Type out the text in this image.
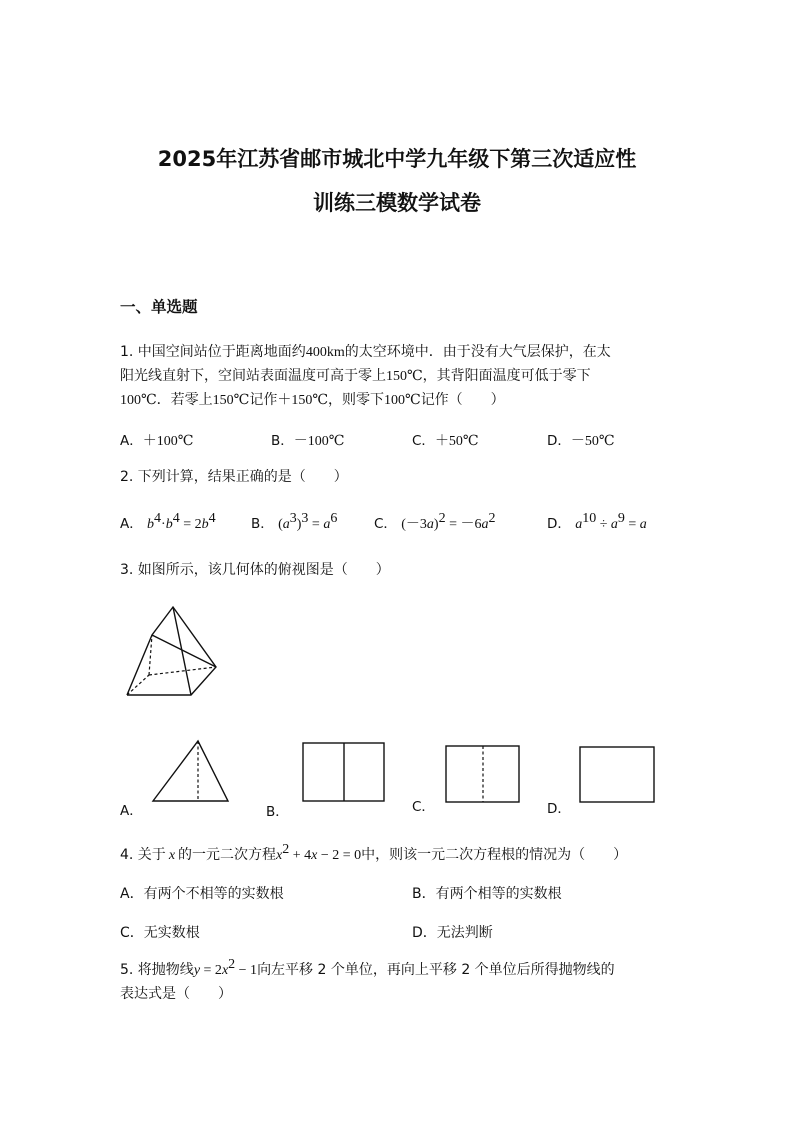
2025年江苏省邮市城北中学九年级下第三次适应性
训练三模数学试卷
一、单选题
1. 中国空间站位于距离地面约400km的太空环境中．由于没有大气层保护，在太
阳光线直射下，空间站表面温度可高于零上150℃，其背阳面温度可低于零下
100℃．若零上150℃记作＋150℃，则零下100℃记作（　　）
A．＋100℃	B．－100℃	C．＋50℃	D．－50℃
2. 下列计算，结果正确的是（　　）
A． $b^4\cdot b^4 = 2b^4$	B． $(a^3)^3 = a^6$	C． $(-3a)^2 = -6a^2$	D． $a^{10} \div a^9 = a$
3. 如图所示，该几何体的俯视图是（　　）
A．	B．	C．	D．
4. 关于 x 的一元二次方程$x^2 + 4x - 2 = 0$中，则该一元二次方程根的情况为（　　）
A．有两个不相等的实数根	B．有两个相等的实数根
C．无实数根	D．无法判断
5. 将抛物线$y = 2x^2 - 1$向左平移 2 个单位，再向上平移 2 个单位后所得抛物线的
表达式是（　　）
